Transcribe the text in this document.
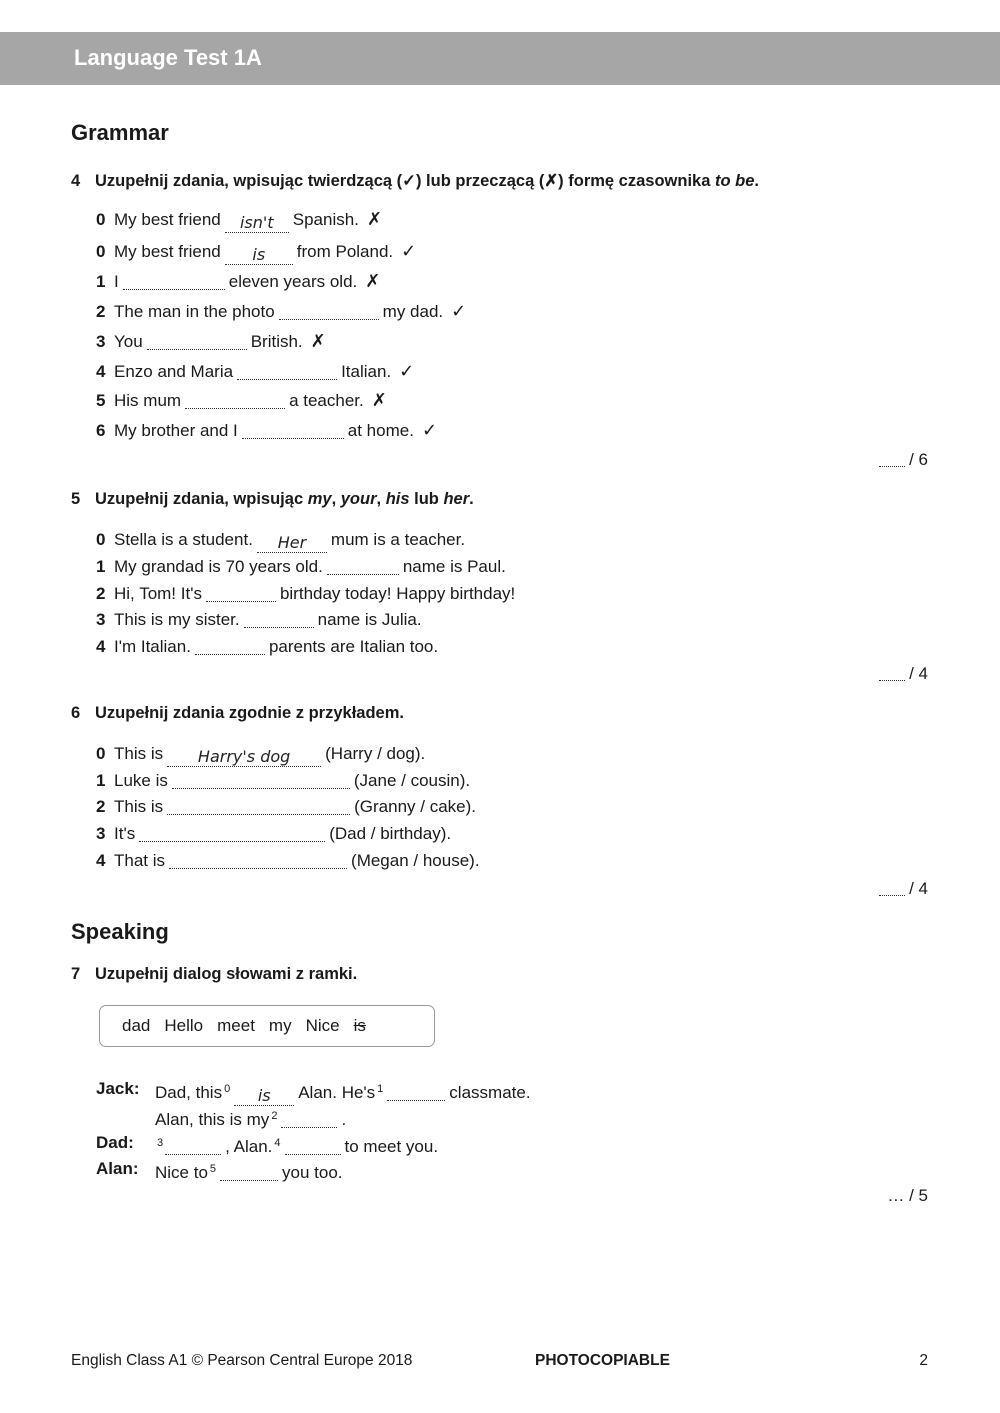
Language Test 1A
Grammar
4 Uzupełnij zdania, wpisując twierdzącą (✓) lub przeczącą (✗) formę czasownika to be.
0 My best friend isn't Spanish. ✗
0 My best friend is from Poland. ✓
1 I	eleven years old. ✗
2 The man in the photo	my dad. ✓
3 You	British. ✗
4 Enzo and Maria	Italian. ✓
5 His mum	a teacher. ✗
6 My brother and I	at home. ✓
/ 6
5 Uzupełnij zdania, wpisując my, your, his lub her.
0 Stella is a student. Her mum is a teacher.
1 My grandad is 70 years old.	name is Paul.
2 Hi, Tom! It's	birthday today! Happy birthday!
3 This is my sister.	name is Julia.
4 I'm Italian.	parents are Italian too.
/ 4
6 Uzupełnij zdania zgodnie z przykładem.
0 This is Harry's dog (Harry / dog).
1 Luke is	(Jane / cousin).
2 This is	(Granny / cake).
3 It's	(Dad / birthday).
4 That is	(Megan / house).
/ 4
Speaking
7 Uzupełnij dialog słowami z ramki.
dad Hello meet my Nice is
Jack: Dad, this $^0$ is Alan. He's $^1$	classmate.
Alan, this is my $^2$	.
Dad: $^3$	, Alan. $^4$	to meet you.
Alan: Nice to $^5$	you too.
… / 5
English Class A1 © Pearson Central Europe 2018	PHOTOCOPIABLE	2
